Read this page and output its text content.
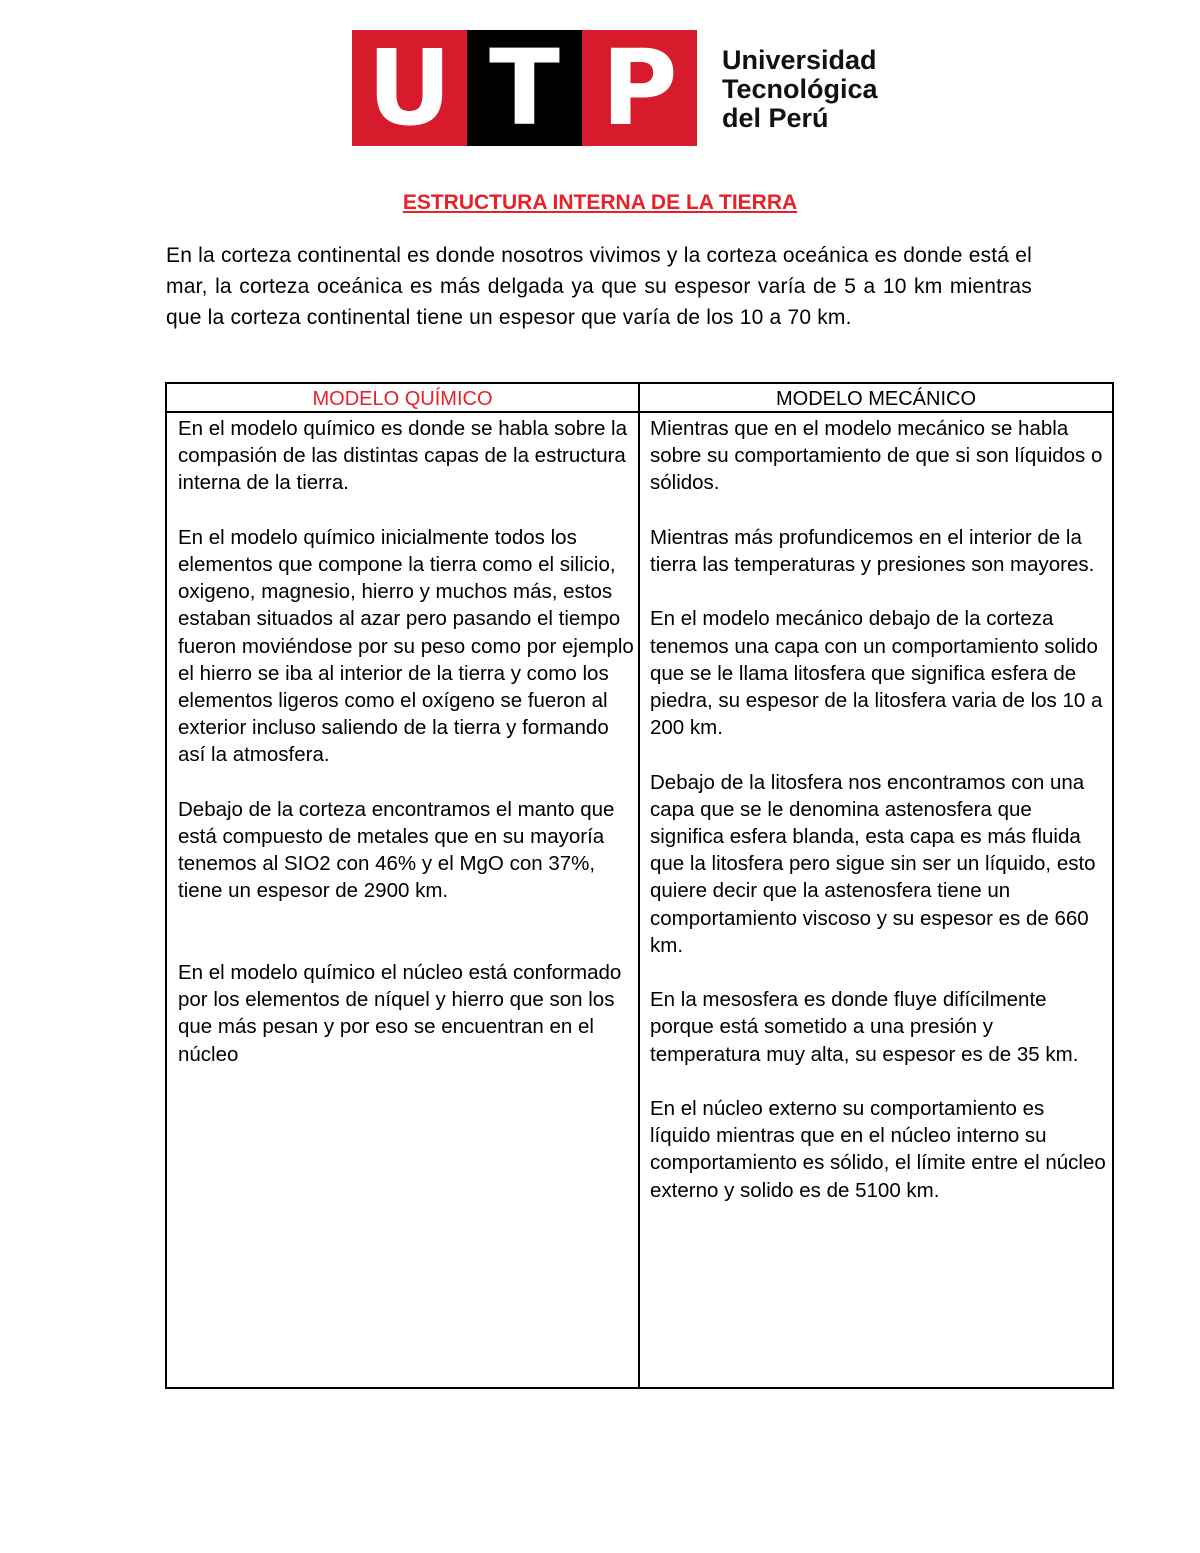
U T P	Universidad
Tecnológica
del Perú
ESTRUCTURA INTERNA DE LA TIERRA
En la corteza continental es donde nosotros vivimos y la corteza oceánica es donde está el mar, la corteza oceánica es más delgada ya que su espesor varía de 5 a 10 km mientras que la corteza continental tiene un espesor que varía de los 10 a 70 km.
MODELO QUÍMICO	MODELO MECÁNICO

En el modelo químico es donde se habla sobre la compasión de las distintas capas de la estructura interna de la tierra.

En el modelo químico inicialmente todos los elementos que compone la tierra como el silicio, oxigeno, magnesio, hierro y muchos más, estos estaban situados al azar pero pasando el tiempo fueron moviéndose por su peso como por ejemplo el hierro se iba al interior de la tierra y como los elementos ligeros como el oxígeno se fueron al exterior incluso saliendo de la tierra y formando así la atmosfera.

Debajo de la corteza encontramos el manto que está compuesto de metales que en su mayoría tenemos al SIO2 con 46% y el MgO con 37%, tiene un espesor de 2900 km.

En el modelo químico el núcleo está conformado por los elementos de níquel y hierro que son los que más pesan y por eso se encuentran en el núcleo

Mientras que en el modelo mecánico se habla sobre su comportamiento de que si son líquidos o sólidos.

Mientras más profundicemos en el interior de la tierra las temperaturas y presiones son mayores.

En el modelo mecánico debajo de la corteza tenemos una capa con un comportamiento solido que se le llama litosfera que significa esfera de piedra, su espesor de la litosfera varia de los 10 a 200 km.

Debajo de la litosfera nos encontramos con una capa que se le denomina astenosfera que significa esfera blanda, esta capa es más fluida que la litosfera pero sigue sin ser un líquido, esto quiere decir que la astenosfera tiene un comportamiento viscoso y su espesor es de 660 km.

En la mesosfera es donde fluye difícilmente porque está sometido a una presión y temperatura muy alta, su espesor es de 35 km.

En el núcleo externo su comportamiento es líquido mientras que en el núcleo interno su comportamiento es sólido, el límite entre el núcleo externo y solido es de 5100 km.
